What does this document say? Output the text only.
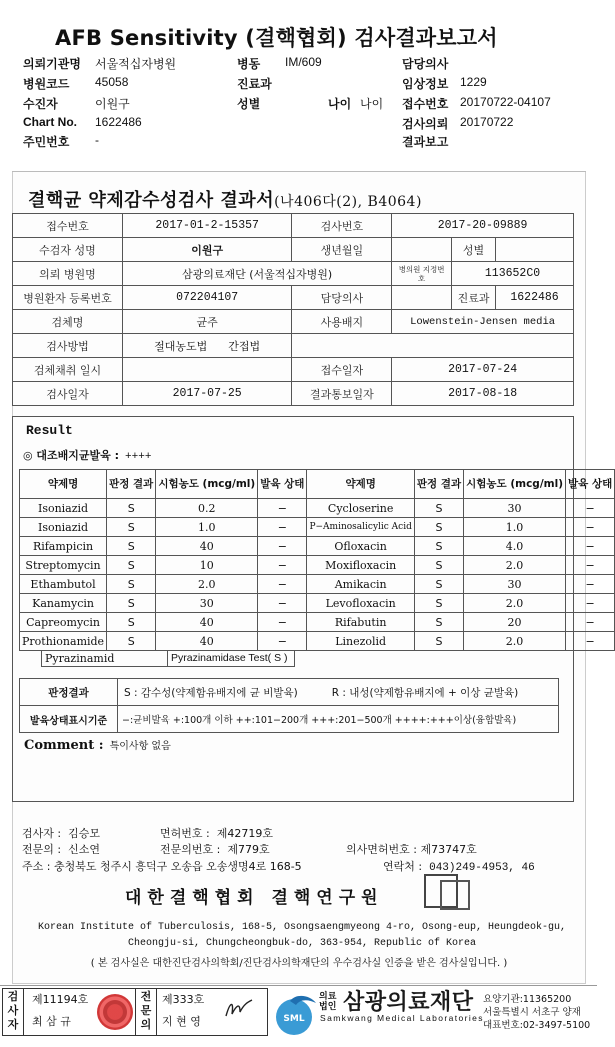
AFB Sensitivity (결핵협회) 검사결과보고서
의뢰기관명 서울적십자병원	병동 IM/609	담당의사
병원코드 45058	진료과	임상정보 1229
수진자	이원구	성별	나이 나이 접수번호 20170722-04107
Chart No. 1622486	검사의뢰 20170722
주민번호 -	결과보고
결핵균 약제감수성검사 결과서(나406다(2), B4064)
접수번호	2017-01-2-15357	검사번호	2017-20-09889		
수검자 성명	이원구	생년월일		성별	
의뢰 병원명	삼광의료재단 (서울적십자병원)		병의원 지정번호	113652C0	
병원환자 등록번호	072204107	담당의사		진료과	1622486
검체명	균주	사용배지	Lowenstein-Jensen media		
검사방법	절대농도법 간접법				
검체채취 일시		접수일자	2017-07-24		
검사일자	2017-07-25	결과통보일자	2017-08-18		
Result
◎ 대조배지균발육 : ++++
약제명	판정 결과	시험농도 (mcg/ml)	발육 상태	약제명	판정 결과	시험농도 (mcg/ml)	발육 상태
Isoniazid	S	0.2	−	Cycloserine	S	30	−
Isoniazid	S	1.0	−	P−Aminosalicylic Acid	S	1.0	−
Rifampicin	S	40	−	Ofloxacin	S	4.0	−
Streptomycin	S	10	−	Moxifloxacin	S	2.0	−
Ethambutol	S	2.0	−	Amikacin	S	30	−
Kanamycin	S	30	−	Levofloxacin	S	2.0	−
Capreomycin	S	40	−	Rifabutin	S	20	−
Prothionamide	S	40	−	Linezolid	S	2.0	−
Pyrazinamid	Pyrazinamidase Test( S )
판정결과	S : 감수성(약제함유배지에 균 비발육) R : 내성(약제함유배지에 + 이상 균발육)
발육상태표시기준	−:균비발육 +:100개 이하 ++:101−200개 +++:201−500개 ++++:+++이상(융합발육)
Comment : 특이사항 없음
검사자 : 김승모	면허번호 : 제42719호
전문의 : 신소연	전문의번호 : 제779호	의사면허번호 : 제73747호
주소 : 충청북도 청주시 흥덕구 오송읍 오송생명4로 168-5	연락처 : 043)249-4953, 46
대한결핵협회 결핵연구원
Korean Institute of Tuberculosis, 168-5, Osongsaengmyeong 4-ro, Osong-eup, Heungdeok-gu,
Cheongju-si, Chungcheongbuk-do, 363-954, Republic of Korea
( 본 검사실은 대한진단검사의학회/진단검사의학재단의 우수검사실 인증을 받은 검사실입니다. )
검
사
자
제11194호
최 삼 규
전
문
의
제333호
지 현 영	SML
의료
법인 삼광의료재단
Samkwang Medical Laboratories
요양기관:11365200
서울특별시 서초구 양재
대표번호:02-3497-5100
